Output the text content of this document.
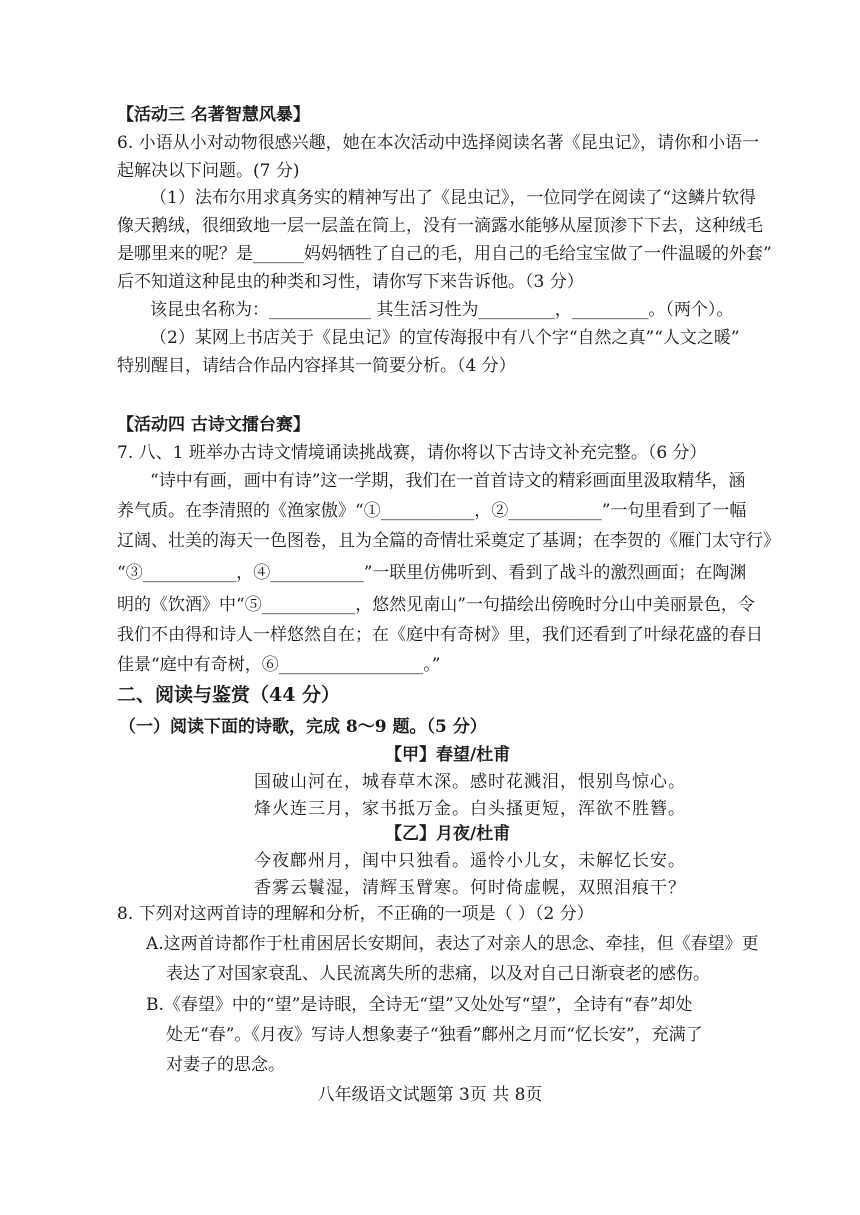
【活动三 名著智慧风暴】
6. 小语从小对动物很感兴趣，她在本次活动中选择阅读名著《昆虫记》，请你和小语一
起解决以下问题。(7 分)
（1）法布尔用求真务实的精神写出了《昆虫记》，一位同学在阅读了“这鳞片软得
像天鹅绒，很细致地一层一层盖在筒上，没有一滴露水能够从屋顶渗下下去，这种绒毛
是哪里来的呢？是______妈妈牺牲了自己的毛，用自己的毛给宝宝做了一件温暖的外套”
后不知道这种昆虫的种类和习性，请你写下来告诉他。（3 分）
该昆虫名称为：____________ 其生活习性为_________，_________。（两个）。
（2）某网上书店关于《昆虫记》的宣传海报中有八个字“自然之真”“人文之暖”
特别醒目，请结合作品内容择其一简要分析。（4 分）
【活动四 古诗文擂台赛】
7. 八、1 班举办古诗文情境诵读挑战赛，请你将以下古诗文补充完整。（6 分）
“诗中有画，画中有诗”这一学期，我们在一首首诗文的精彩画面里汲取精华，涵
养气质。在李清照的《渔家傲》“①___________，②___________”一句里看到了一幅
辽阔、壮美的海天一色图卷，且为全篇的奇情壮采奠定了基调；在李贺的《雁门太守行》
“③___________，④___________”一联里仿佛听到、看到了战斗的激烈画面；在陶渊
明的《饮酒》中“⑤___________，悠然见南山”一句描绘出傍晚时分山中美丽景色，令
我们不由得和诗人一样悠然自在；在《庭中有奇树》里，我们还看到了叶绿花盛的春日
佳景“庭中有奇树，⑥_________________。”
二、阅读与鉴赏（44 分）
（一）阅读下面的诗歌，完成 8～9 题。（5 分）
【甲】春望/杜甫
国破山河在，城春草木深。感时花溅泪，恨别鸟惊心。
烽火连三月，家书抵万金。白头搔更短，浑欲不胜簪。
【乙】月夜/杜甫
今夜鄜州月，闺中只独看。遥怜小儿女，未解忆长安。
香雾云鬟湿，清辉玉臂寒。何时倚虚幌，双照泪痕干？
8. 下列对这两首诗的理解和分析，不正确的一项是（ ）（2 分）
A.这两首诗都作于杜甫困居长安期间，表达了对亲人的思念、牵挂，但《春望》更
表达了对国家衰乱、人民流离失所的悲痛，以及对自己日渐衰老的感伤。
B.《春望》中的“望”是诗眼，全诗无“望”又处处写“望”，全诗有“春”却处
处无“春”。《月夜》写诗人想象妻子“独看”鄜州之月而“忆长安”，充满了
对妻子的思念。
八年级语文试题第 3页 共 8页
